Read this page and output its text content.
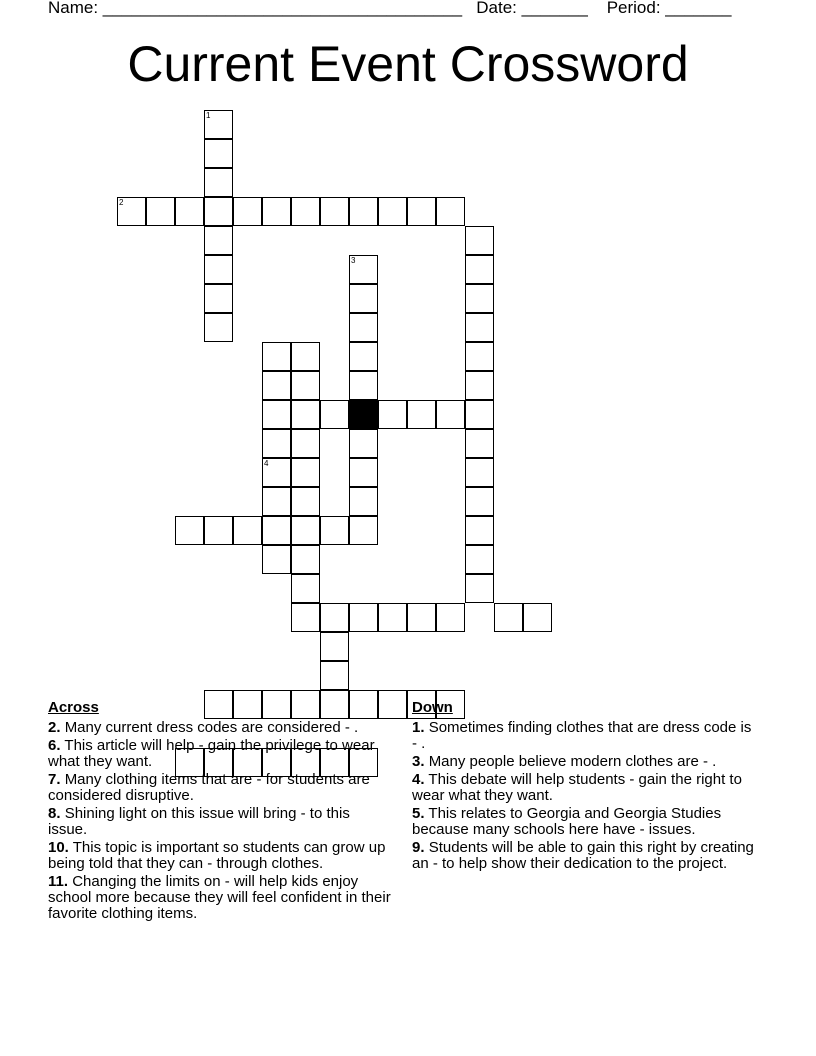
Name: ______________________________________ Date: _______ Period: _______
Current Event Crossword
1
2
3
4
Across
2. Many current dress codes are considered - .
6. This article will help - gain the privilege to wear what they want.
7. Many clothing items that are - for students are considered disruptive.
8. Shining light on this issue will bring - to this issue.
10. This topic is important so students can grow up being told that they can - through clothes.
11. Changing the limits on - will help kids enjoy school more because they will feel confident in their favorite clothing items.
Down
1. Sometimes finding clothes that are dress code is - .
3. Many people believe modern clothes are - .
4. This debate will help students - gain the right to wear what they want.
5. This relates to Georgia and Georgia Studies because many schools here have - issues.
9. Students will be able to gain this right by creating an - to help show their dedication to the project.
